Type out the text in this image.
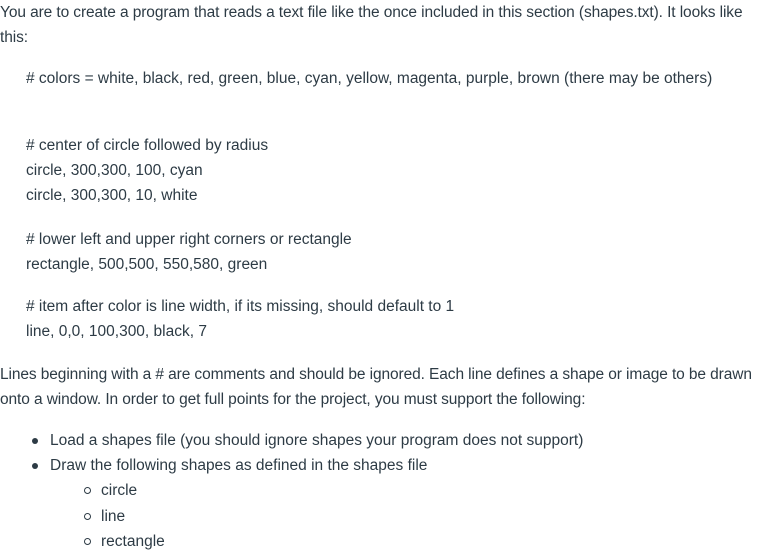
You are to create a program that reads a text file like the once included in this section (shapes.txt). It looks like this:

# colors = white, black, red, green, blue, cyan, yellow, magenta, purple, brown (there may be others)

# center of circle followed by radius

circle, 300,300, 100, cyan

circle, 300,300, 10, white

# lower left and upper right corners or rectangle

rectangle, 500,500, 550,580, green

# item after color is line width, if its missing, should default to 1

line, 0,0, 100,300, black, 7

Lines beginning with a # are comments and should be ignored. Each line defines a shape or image to be drawn onto a window. In order to get full points for the project, you must support the following:

Load a shapes file (you should ignore shapes your program does not support)
Draw the following shapes as defined in the shapes file
circle
line
rectangle
